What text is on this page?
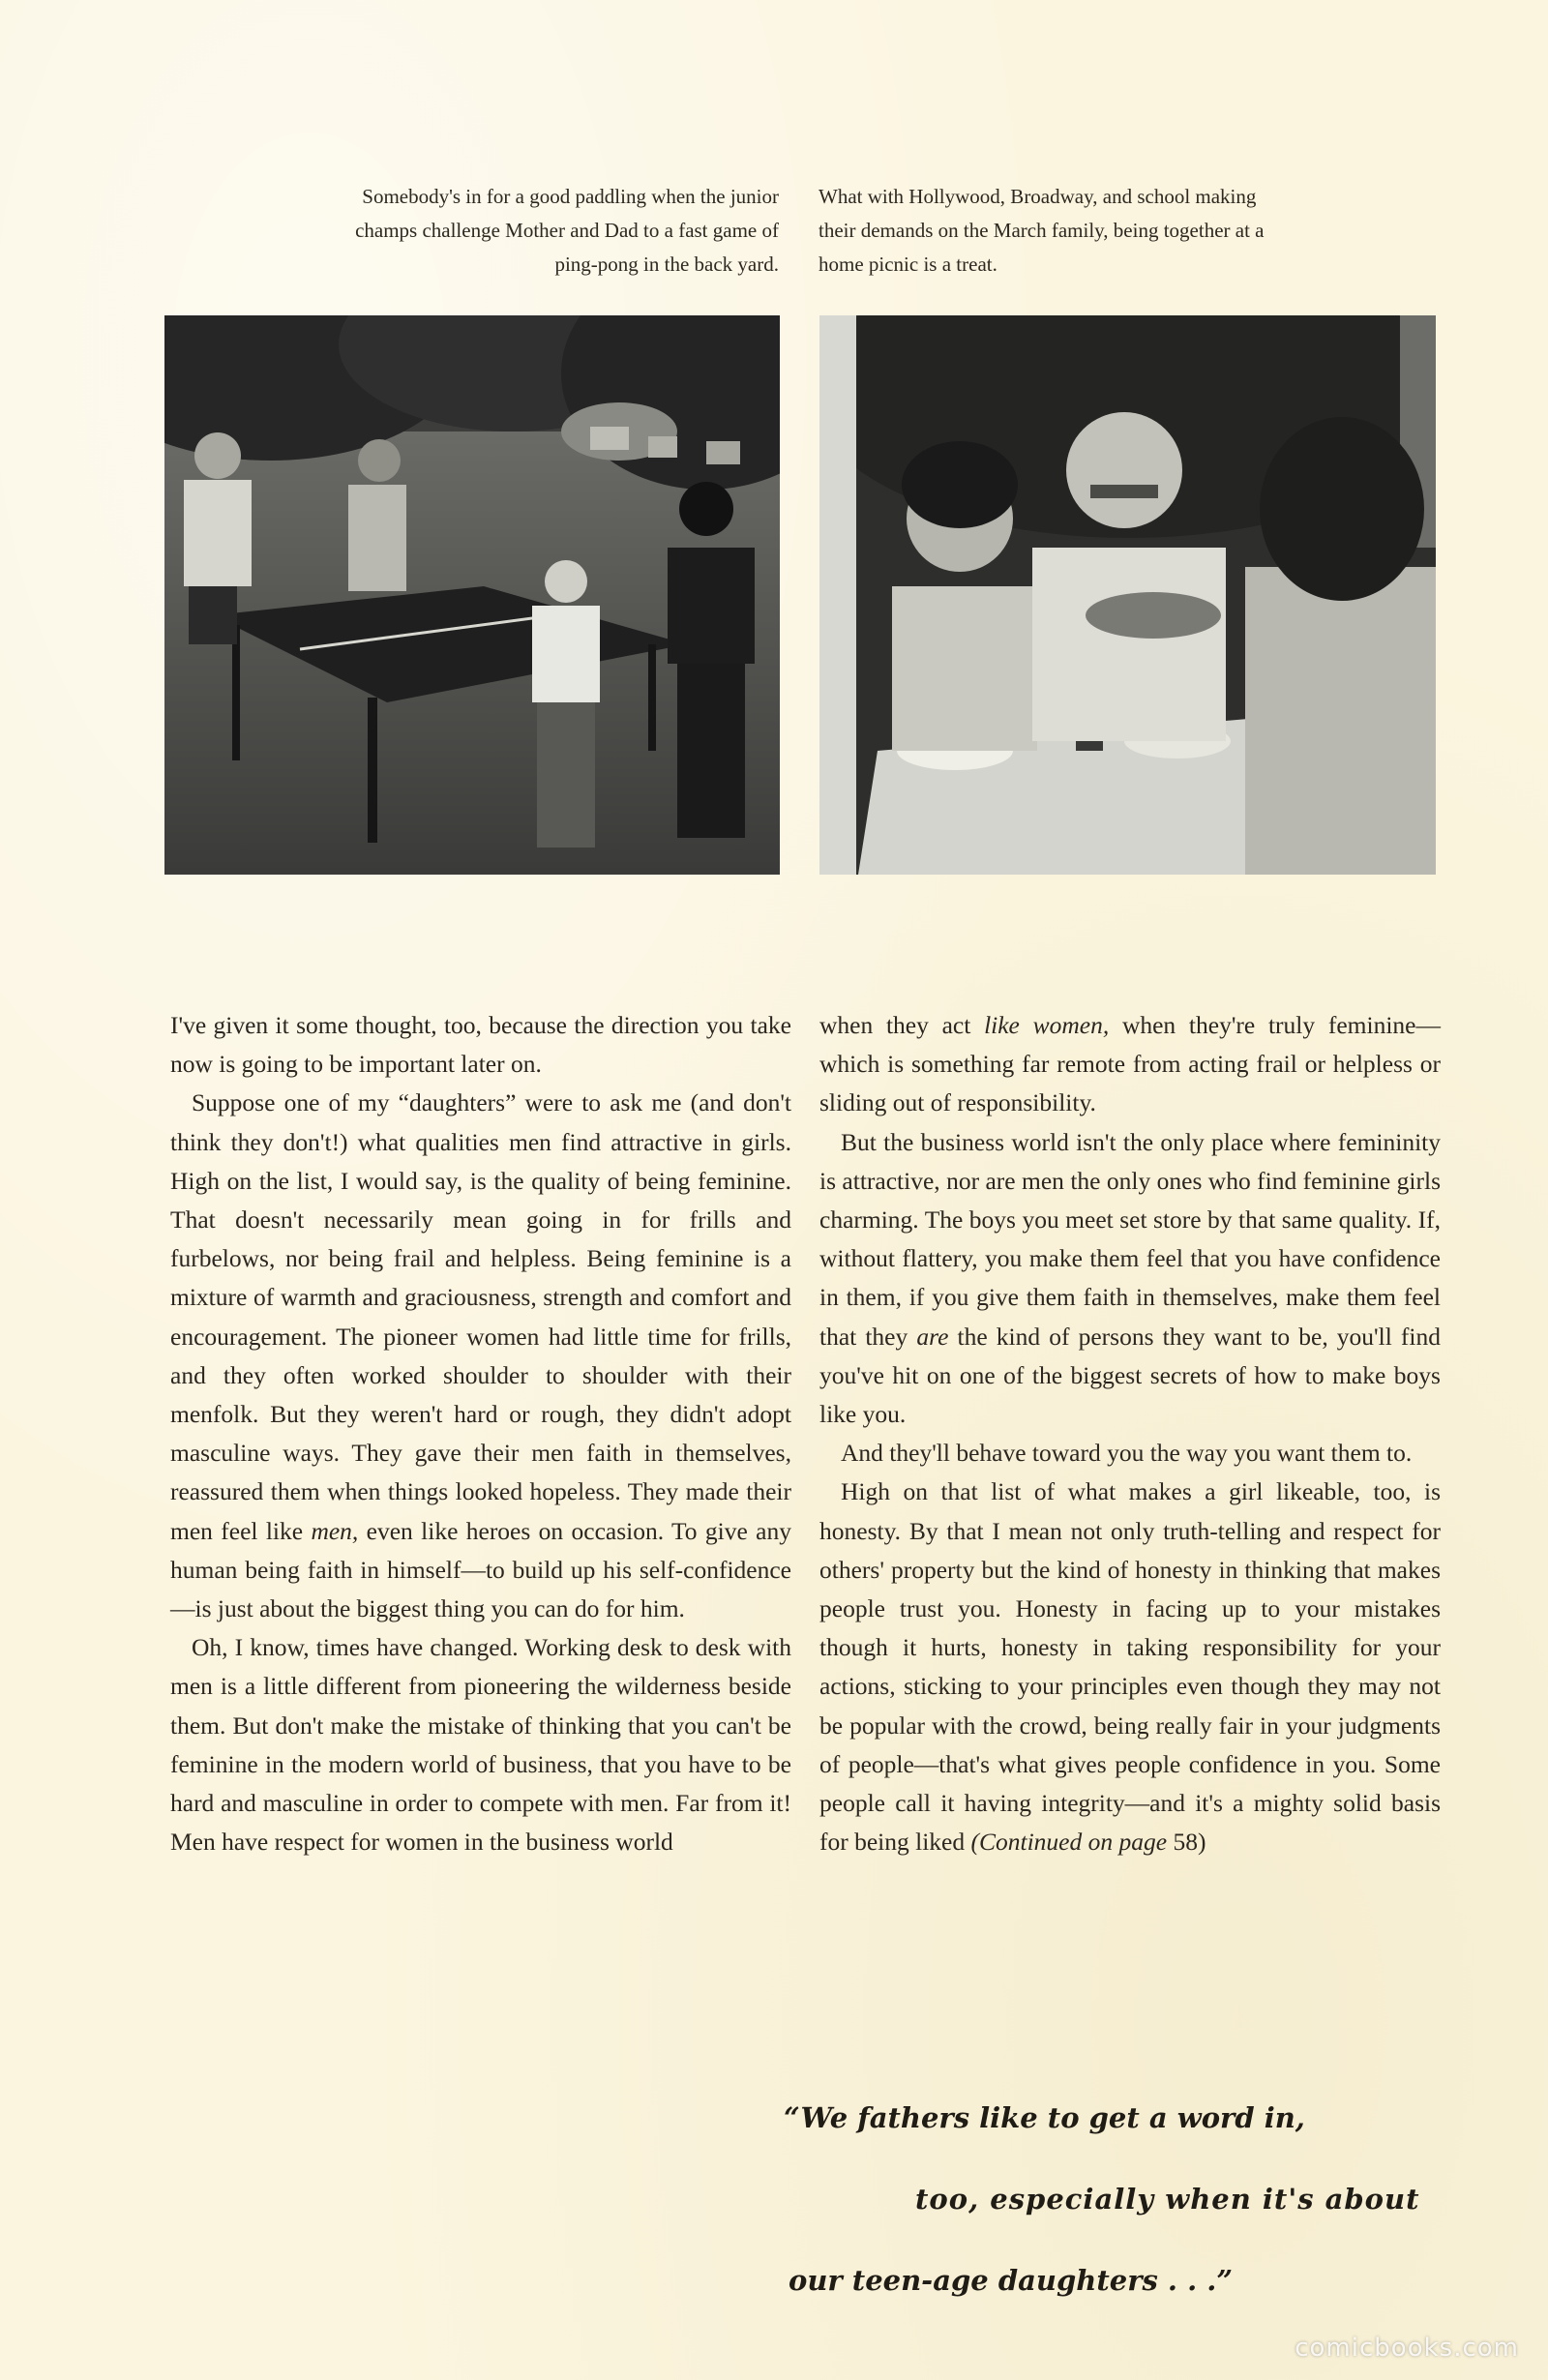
Somebody's in for a good paddling when the junior champs challenge Mother and Dad to a fast game of ping-pong in the back yard.

What with Hollywood, Broadway, and school making their demands on the March family, being together at a home picnic is a treat.

I've given it some thought, too, because the direction you take now is going to be important later on.

Suppose one of my “daughters” were to ask me (and don't think they don't!) what qualities men find attractive in girls. High on the list, I would say, is the quality of being feminine. That doesn't necessarily mean going in for frills and furbelows, nor being frail and helpless. Being feminine is a mixture of warmth and graciousness, strength and comfort and encouragement. The pioneer women had little time for frills, and they often worked shoulder to shoulder with their menfolk. But they weren't hard or rough, they didn't adopt masculine ways. They gave their men faith in themselves, reassured them when things looked hopeless. They made their men feel like men, even like heroes on occasion. To give any human being faith in himself—to build up his self-confidence—is just about the biggest thing you can do for him.

Oh, I know, times have changed. Working desk to desk with men is a little different from pioneering the wilderness beside them. But don't make the mistake of thinking that you can't be feminine in the modern world of business, that you have to be hard and masculine in order to compete with men. Far from it! Men have respect for women in the business world

when they act like women, when they're truly feminine—which is something far remote from acting frail or helpless or sliding out of responsibility.

But the business world isn't the only place where femininity is attractive, nor are men the only ones who find feminine girls charming. The boys you meet set store by that same quality. If, without flattery, you make them feel that you have confidence in them, if you give them faith in themselves, make them feel that they are the kind of persons they want to be, you'll find you've hit on one of the biggest secrets of how to make boys like you.

And they'll behave toward you the way you want them to.

High on that list of what makes a girl likeable, too, is honesty. By that I mean not only truth-telling and respect for others' property but the kind of honesty in thinking that makes people trust you. Honesty in facing up to your mistakes though it hurts, honesty in taking responsibility for your actions, sticking to your principles even though they may not be popular with the crowd, being really fair in your judgments of people—that's what gives people confidence in you. Some people call it having integrity—and it's a mighty solid basis for being liked (Continued on page 58)

“We fathers like to get a word in,

too, especially when it's about

our teen-age daughters . . .”

comicbooks.com
